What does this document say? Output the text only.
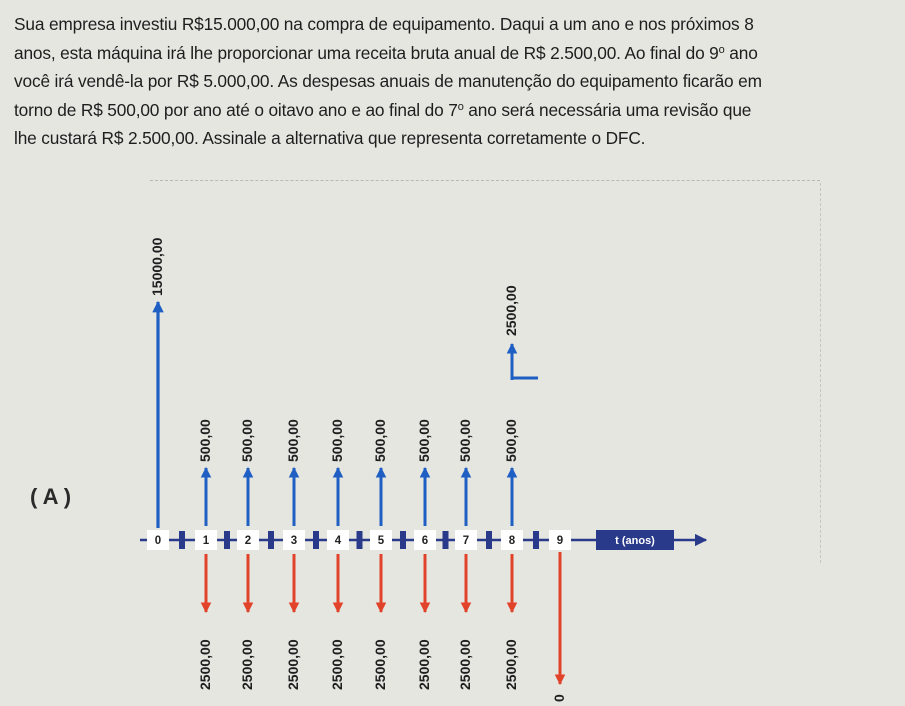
Sua empresa investiu R$15.000,00 na compra de equipamento. Daqui a um ano e nos próximos 8
anos, esta máquina irá lhe proporcionar uma receita bruta anual de R$ 2.500,00. Ao final do 9$^o$ ano
você irá vendê-la por R$ 5.000,00. As despesas anuais de manutenção do equipamento ficarão em
torno de R$ 500,00 por ano até o oitavo ano e ao final do 7$^o$ ano será necessária uma revisão que
lhe custará R$ 2.500,00. Assinale a alternativa que representa corretamente o DFC.

( A )

t (anos)
0	1	2	3	4	5	6	7	8	9
15000,00
500,00 500,00 500,00 500,00 500,00 500,00 500,00 500,00
2500,00
2500,00 2500,00 2500,00 2500,00 2500,00 2500,00 2500,00 2500,00
0
